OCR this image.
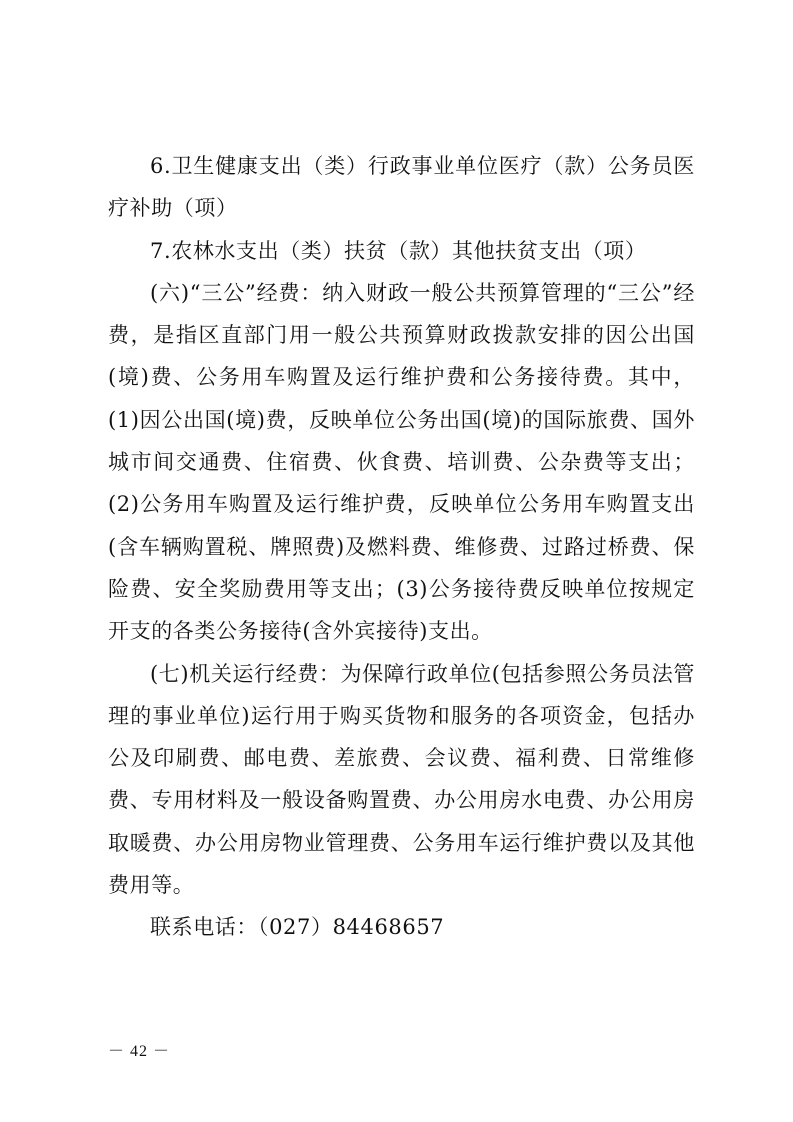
6.卫生健康支出（类）行政事业单位医疗（款）公务员医疗补助（项）

7.农林水支出（类）扶贫（款）其他扶贫支出（项）

(六)“三公”经费：纳入财政一般公共预算管理的“三公”经费，是指区直部门用一般公共预算财政拨款安排的因公出国(境)费、公务用车购置及运行维护费和公务接待费。其中，(1)因公出国(境)费，反映单位公务出国(境)的国际旅费、国外城市间交通费、住宿费、伙食费、培训费、公杂费等支出；(2)公务用车购置及运行维护费，反映单位公务用车购置支出(含车辆购置税、牌照费)及燃料费、维修费、过路过桥费、保险费、安全奖励费用等支出；(3)公务接待费反映单位按规定开支的各类公务接待(含外宾接待)支出。

(七)机关运行经费：为保障行政单位(包括参照公务员法管理的事业单位)运行用于购买货物和服务的各项资金，包括办公及印刷费、邮电费、差旅费、会议费、福利费、日常维修费、专用材料及一般设备购置费、办公用房水电费、办公用房取暖费、办公用房物业管理费、公务用车运行维护费以及其他费用等。

联系电话：（027）84468657

－ 42 －
